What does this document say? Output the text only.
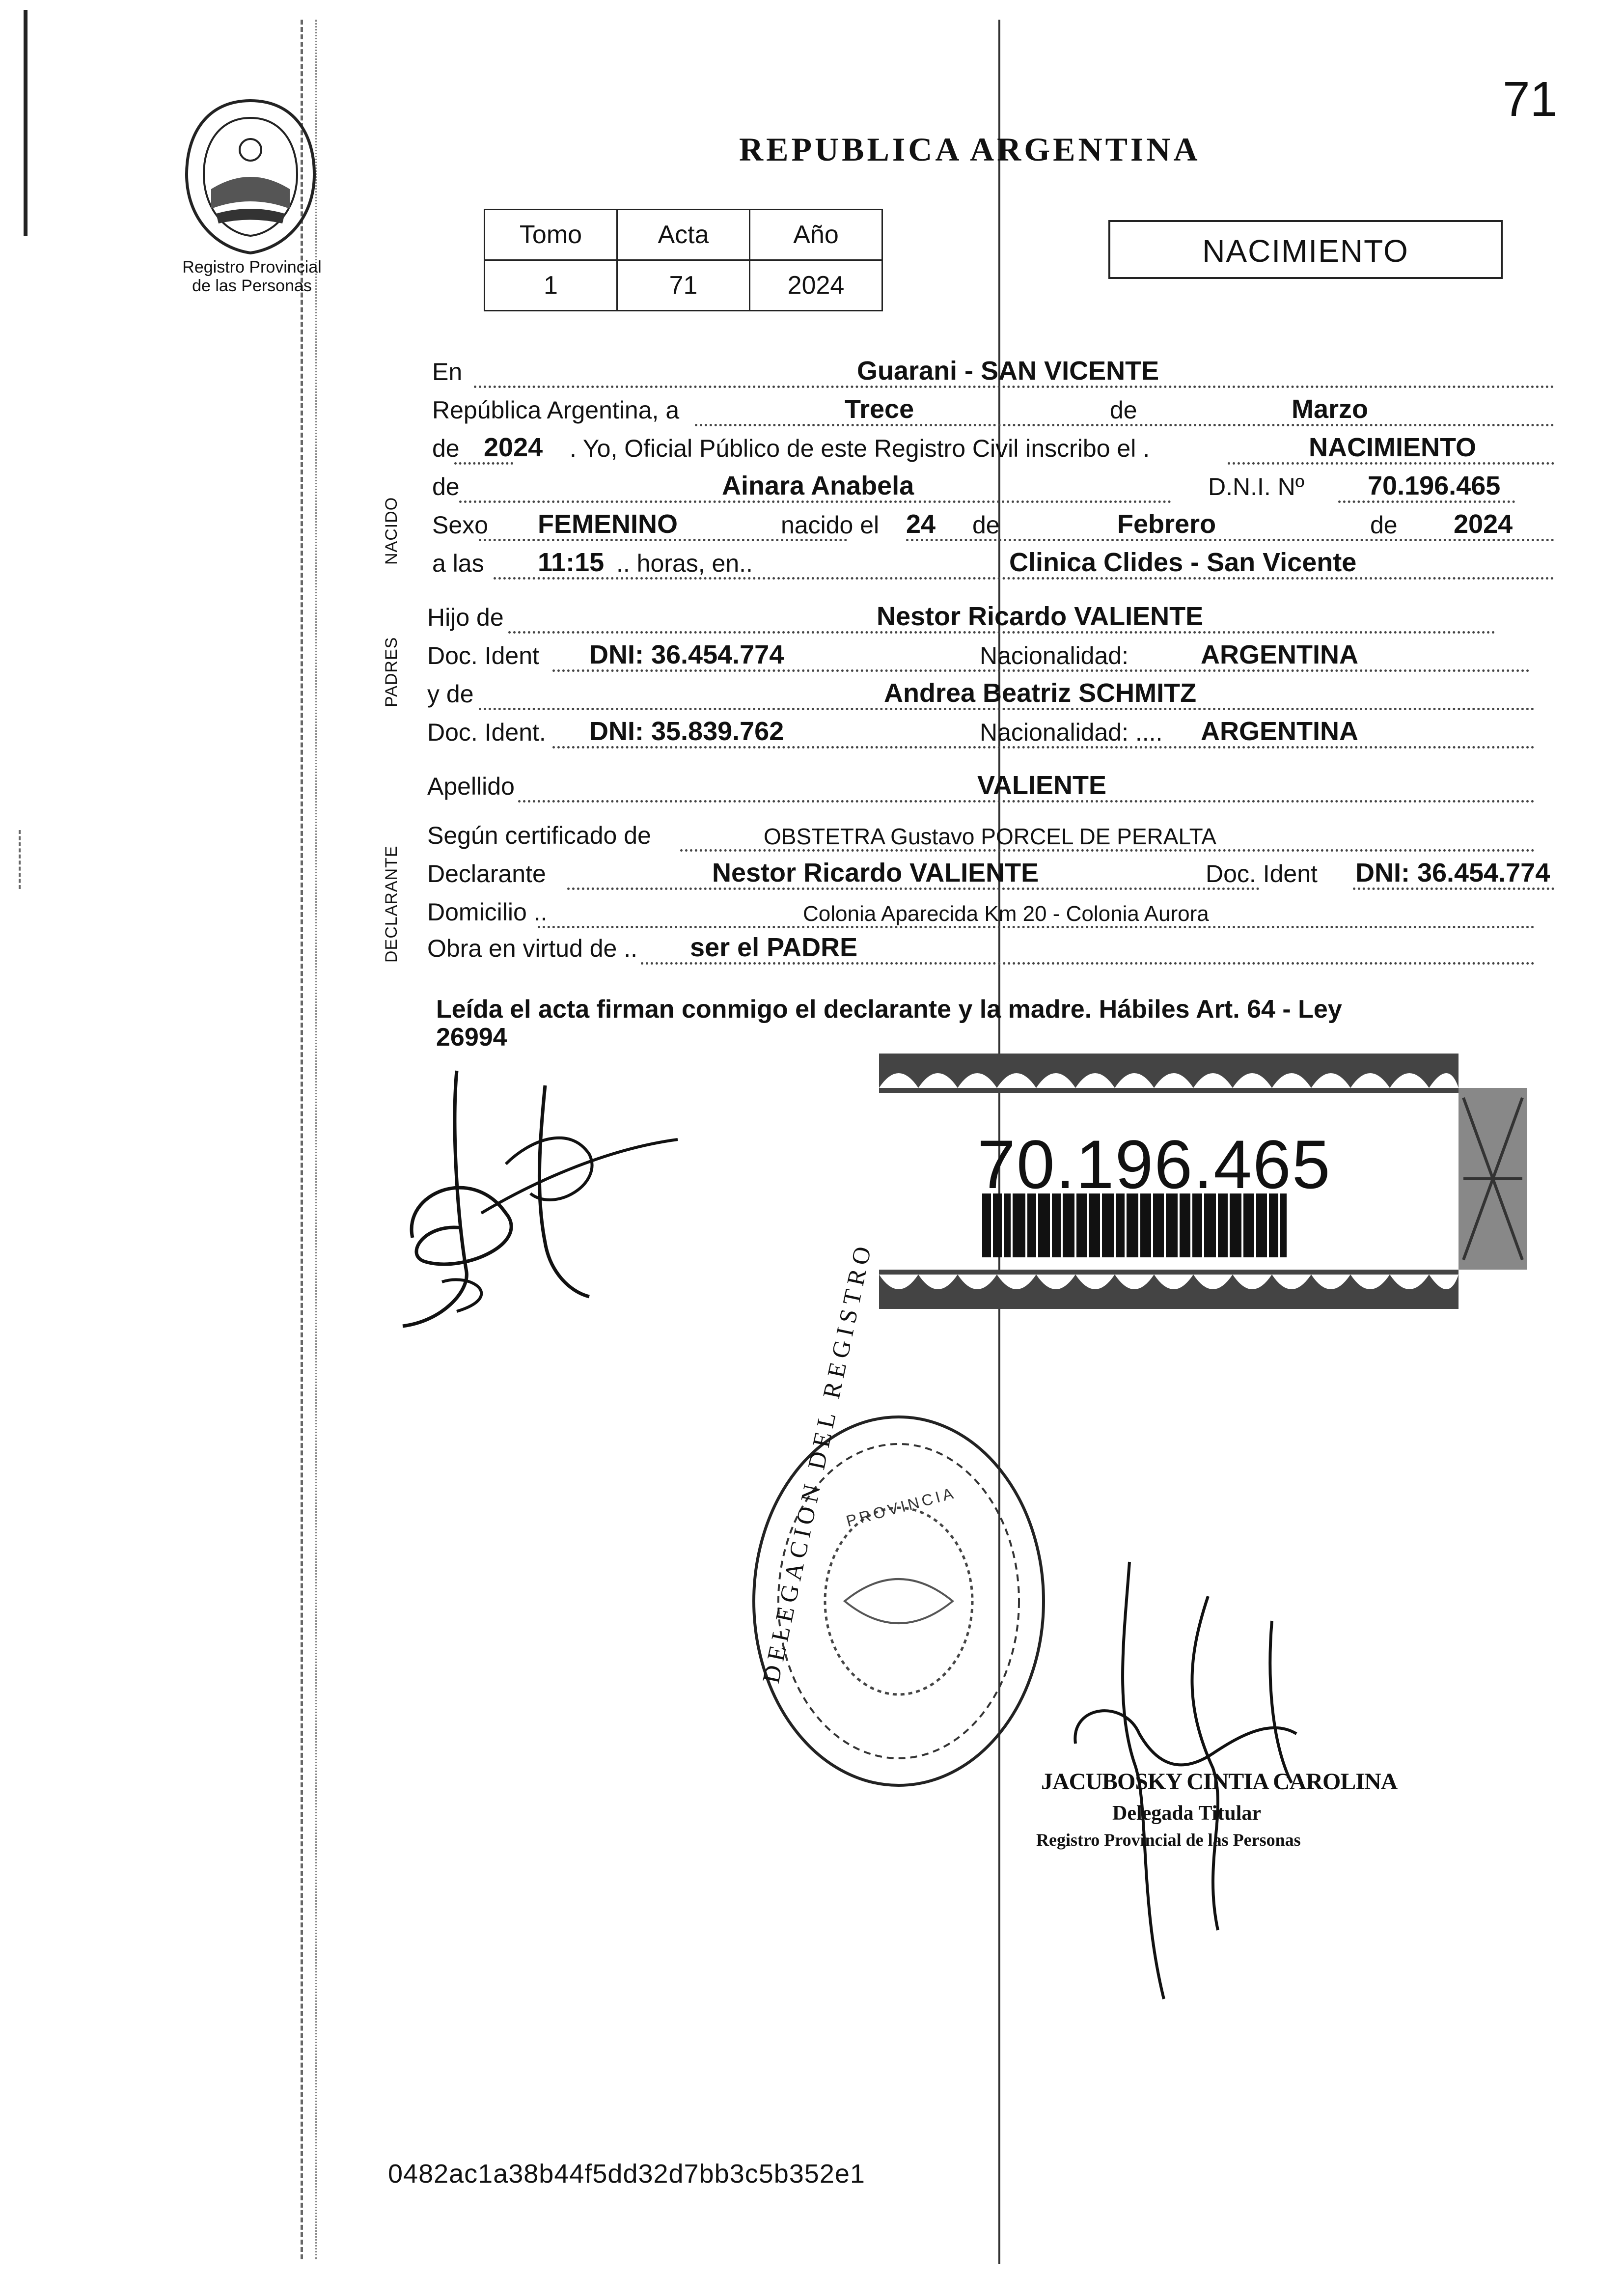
71
Registro Provincial
de las Personas
REPUBLICA ARGENTINA
Tomo	Acta	Año
1	71	2024
NACIMIENTO
NACIDO
PADRES
DECLARANTE
En	Guarani - SAN VICENTE
República Argentina, a	Trece	de	Marzo
de 2024 . Yo, Oficial Público de este Registro Civil inscribo el .	NACIMIENTO
de	Ainara Anabela	D.N.I. Nº 70.196.465
Sexo FEMENINO	nacido el 24 de	Febrero	de 2024
a las 11:15 .. horas, en..	Clinica Clides - San Vicente
Hijo de	Nestor Ricardo VALIENTE
Doc. Ident DNI: 36.454.774	Nacionalidad:	ARGENTINA
y de	Andrea Beatriz SCHMITZ
Doc. Ident. DNI: 35.839.762	Nacionalidad: .... ARGENTINA
Apellido	VALIENTE
Según certificado de	OBSTETRA Gustavo PORCEL DE PERALTA
Declarante	Nestor Ricardo VALIENTE	Doc. Ident DNI: 36.454.774
Domicilio ..	Colonia Aparecida Km 20 - Colonia Aurora
Obra en virtud de .. ser el PADRE
Leída el acta firman conmigo el declarante y la madre. Hábiles Art. 64 - Ley
26994
70.196.465
DELEGACION DEL REGISTRO
PROVINCIA
JACUBOSKY CINTIA CAROLINA
Delegada Titular
Registro Provincial de las Personas
0482ac1a38b44f5dd32d7bb3c5b352e1
